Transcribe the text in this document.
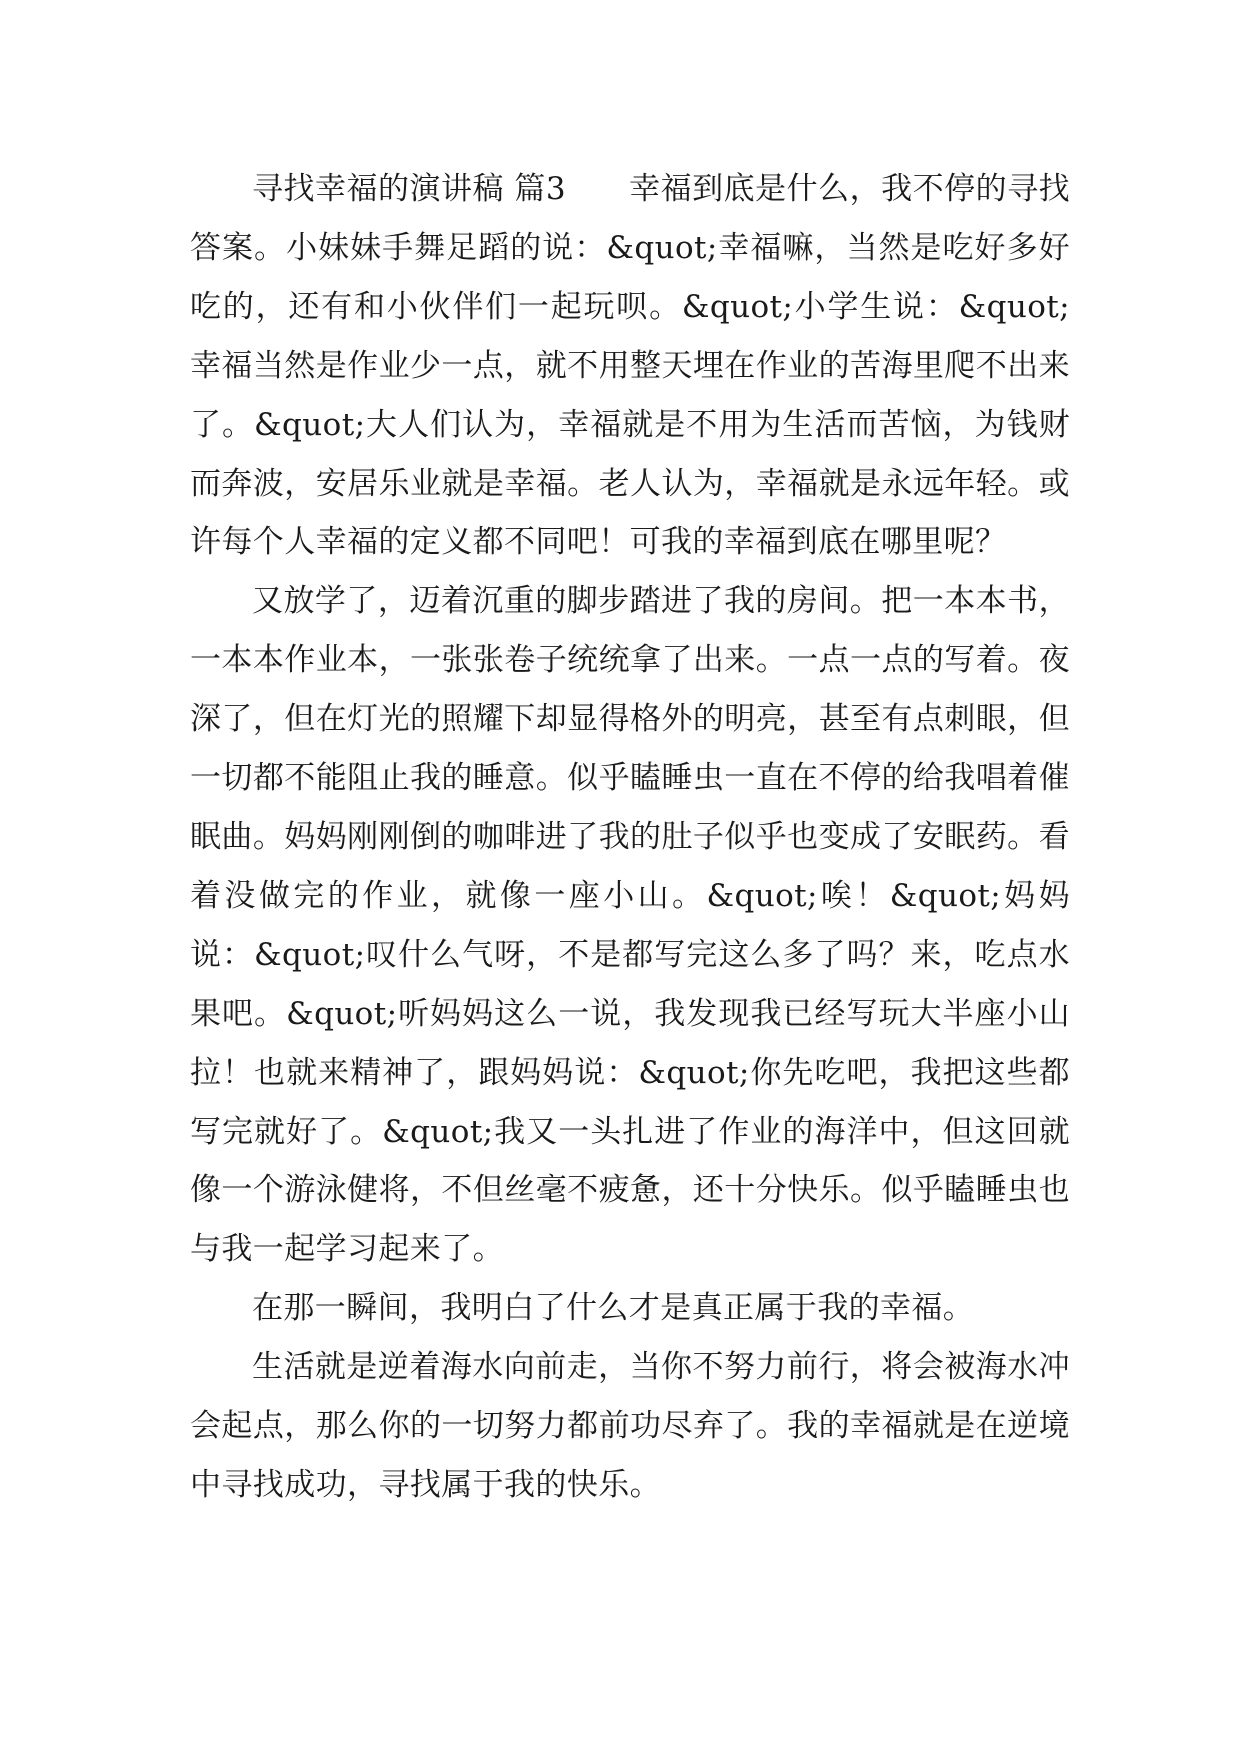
寻找幸福的演讲稿 篇3　　幸福到底是什么，我不停的寻找答案。小妹妹手舞足蹈的说：&quot;幸福嘛，当然是吃好多好吃的，还有和小伙伴们一起玩呗。&quot;小学生说：&quot;幸福当然是作业少一点，就不用整天埋在作业的苦海里爬不出来了。&quot;大人们认为，幸福就是不用为生活而苦恼，为钱财而奔波，安居乐业就是幸福。老人认为，幸福就是永远年轻。或许每个人幸福的定义都不同吧！可我的幸福到底在哪里呢？

又放学了，迈着沉重的脚步踏进了我的房间。把一本本书，一本本作业本，一张张卷子统统拿了出来。一点一点的写着。夜深了，但在灯光的照耀下却显得格外的明亮，甚至有点刺眼，但一切都不能阻止我的睡意。似乎瞌睡虫一直在不停的给我唱着催眠曲。妈妈刚刚倒的咖啡进了我的肚子似乎也变成了安眠药。看着没做完的作业，就像一座小山。&quot;唉！&quot;妈妈说：&quot;叹什么气呀，不是都写完这么多了吗？来，吃点水果吧。&quot;听妈妈这么一说，我发现我已经写玩大半座小山拉！也就来精神了，跟妈妈说：&quot;你先吃吧，我把这些都写完就好了。&quot;我又一头扎进了作业的海洋中，但这回就像一个游泳健将，不但丝毫不疲惫，还十分快乐。似乎瞌睡虫也与我一起学习起来了。

在那一瞬间，我明白了什么才是真正属于我的幸福。

生活就是逆着海水向前走，当你不努力前行，将会被海水冲会起点，那么你的一切努力都前功尽弃了。我的幸福就是在逆境中寻找成功，寻找属于我的快乐。
